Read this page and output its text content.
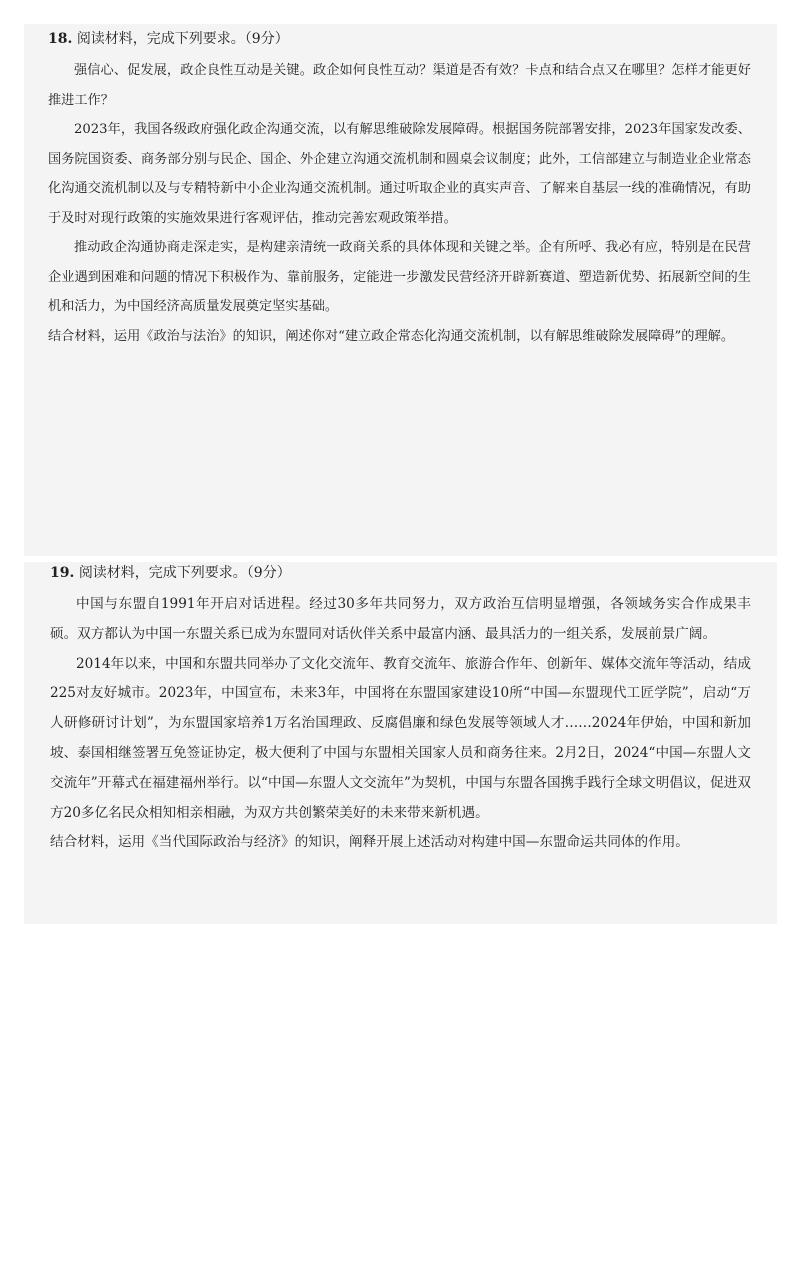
18. 阅读材料，完成下列要求。（9分）

强信心、促发展，政企良性互动是关键。政企如何良性互动？渠道是否有效？卡点和结合点又在哪里？怎样才能更好推进工作？

2023年，我国各级政府强化政企沟通交流，以有解思维破除发展障碍。根据国务院部署安排，2023年国家发改委、国务院国资委、商务部分别与民企、国企、外企建立沟通交流机制和圆桌会议制度；此外，工信部建立与制造业企业常态化沟通交流机制以及与专精特新中小企业沟通交流机制。通过听取企业的真实声音、了解来自基层一线的准确情况，有助于及时对现行政策的实施效果进行客观评估，推动完善宏观政策举措。

推动政企沟通协商走深走实，是构建亲清统一政商关系的具体体现和关键之举。企有所呼、我必有应，特别是在民营企业遇到困难和问题的情况下积极作为、靠前服务，定能进一步激发民营经济开辟新赛道、塑造新优势、拓展新空间的生机和活力，为中国经济高质量发展奠定坚实基础。

结合材料，运用《政治与法治》的知识，阐述你对“建立政企常态化沟通交流机制，以有解思维破除发展障碍”的理解。

19. 阅读材料，完成下列要求。（9分）

中国与东盟自1991年开启对话进程。经过30多年共同努力，双方政治互信明显增强，各领域务实合作成果丰硕。双方都认为中国一东盟关系已成为东盟同对话伙伴关系中最富内涵、最具活力的一组关系，发展前景广阔。

2014年以来，中国和东盟共同举办了文化交流年、教育交流年、旅游合作年、创新年、媒体交流年等活动，结成225对友好城市。2023年，中国宣布，未来3年，中国将在东盟国家建设10所“中国—东盟现代工匠学院”，启动“万人研修研讨计划”，为东盟国家培养1万名治国理政、反腐倡廉和绿色发展等领域人才……2024年伊始，中国和新加坡、泰国相继签署互免签证协定，极大便利了中国与东盟相关国家人员和商务往来。2月2日，2024“中国—东盟人文交流年”开幕式在福建福州举行。以“中国—东盟人文交流年”为契机，中国与东盟各国携手践行全球文明倡议，促进双方20多亿名民众相知相亲相融，为双方共创繁荣美好的未来带来新机遇。

结合材料，运用《当代国际政治与经济》的知识，阐释开展上述活动对构建中国—东盟命运共同体的作用。
